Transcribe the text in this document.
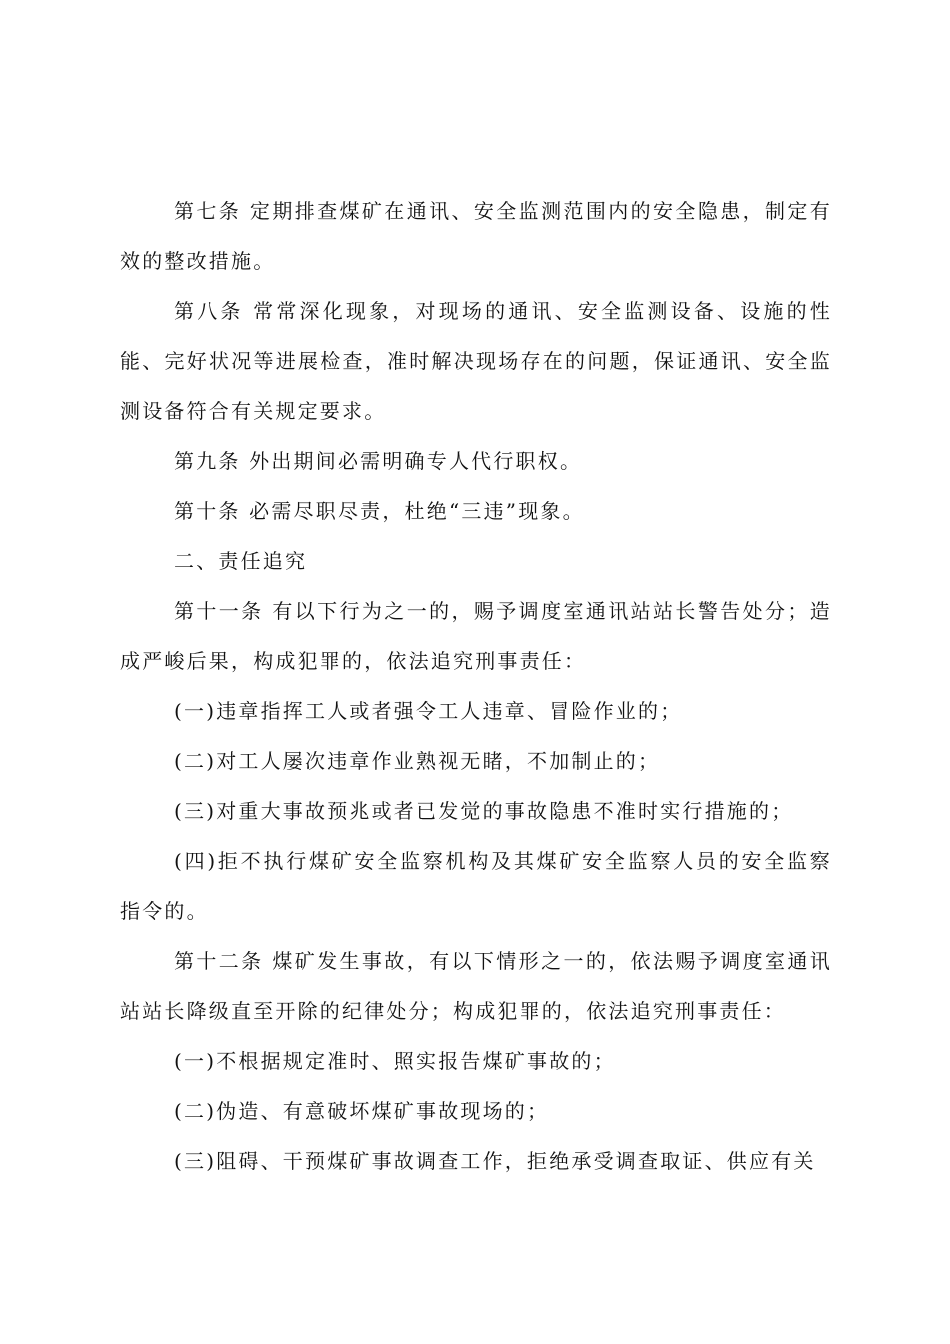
第七条 定期排查煤矿在通讯、安全监测范围内的安全隐患，制定有效的整改措施。

第八条 常常深化现象，对现场的通讯、安全监测设备、设施的性能、完好状况等进展检查，准时解决现场存在的问题，保证通讯、安全监测设备符合有关规定要求。

第九条 外出期间必需明确专人代行职权。

第十条 必需尽职尽责，杜绝“三违”现象。

二、责任追究

第十一条 有以下行为之一的，赐予调度室通讯站站长警告处分；造成严峻后果，构成犯罪的，依法追究刑事责任：

(一)违章指挥工人或者强令工人违章、冒险作业的；

(二)对工人屡次违章作业熟视无睹，不加制止的；

(三)对重大事故预兆或者已发觉的事故隐患不准时实行措施的；

(四)拒不执行煤矿安全监察机构及其煤矿安全监察人员的安全监察指令的。

第十二条 煤矿发生事故，有以下情形之一的，依法赐予调度室通讯站站长降级直至开除的纪律处分；构成犯罪的，依法追究刑事责任：

(一)不根据规定准时、照实报告煤矿事故的；

(二)伪造、有意破坏煤矿事故现场的；

(三)阻碍、干预煤矿事故调查工作，拒绝承受调查取证、供应有关
